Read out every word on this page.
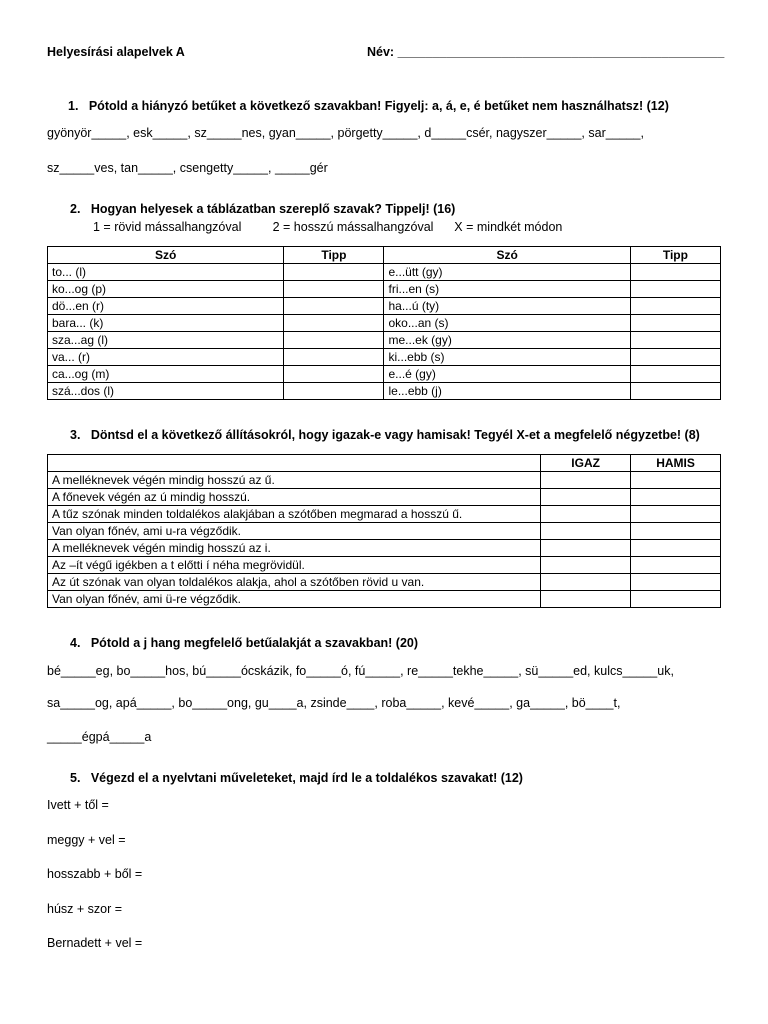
Helyesírási alapelvek A	Név: _______________________________________________
1.   Pótold a hiányzó betűket a következő szavakban! Figyelj: a, á, e, é betűket nem használhatsz! (12)
gyönyör_____, esk_____, sz_____nes, gyan_____, pörgetty_____, d_____csér, nagyszer_____, sar_____,
sz_____ves, tan_____, csengetty_____, _____gér
2.   Hogyan helyesek a táblázatban szereplő szavak? Tippelj! (16)
1 = rövid mássalhangzóval         2 = hosszú mássalhangzóval      X = mindkét módon
Szó	Tipp	Szó	Tipp
to... (l)		e...ütt (gy)	
ko...og (p)		fri...en (s)	
dö...en (r)		ha...ú (ty)	
bara... (k)		oko...an (s)	
sza...ag (l)		me...ek (gy)	
va... (r)		ki...ebb (s)	
ca...og (m)		e...é (gy)	
szá...dos (l)		le...ebb (j)	
3.   Döntsd el a következő állításokról, hogy igazak-e vagy hamisak! Tegyél X-et a megfelelő négyzetbe! (8)
	IGAZ	HAMIS
A melléknevek végén mindig hosszú az ű.		
A főnevek végén az ú mindig hosszú.		
A tűz szónak minden toldalékos alakjában a szótőben megmarad a hosszú ű.		
Van olyan főnév, ami u-ra végződik.		
A melléknevek végén mindig hosszú az i.		
Az –ít végű igékben a t előtti í néha megrövidül.		
Az út szónak van olyan toldalékos alakja, ahol a szótőben rövid u van.		
Van olyan főnév, ami ü-re végződik.		
4.   Pótold a j hang megfelelő betűalakját a szavakban! (20)
bé_____eg, bo_____hos, bú_____ócskázik, fo_____ó, fú_____, re_____tekhe_____, sü_____ed, kulcs_____uk,
sa_____og, apá_____, bo_____ong, gu____a, zsinde____, roba_____, kevé_____, ga_____, bö____t,
_____égpá_____a
5.   Végezd el a nyelvtani műveleteket, majd írd le a toldalékos szavakat! (12)
Ivett + től =
meggy + vel =
hosszabb + ből =
húsz + szor =
Bernadett + vel =
